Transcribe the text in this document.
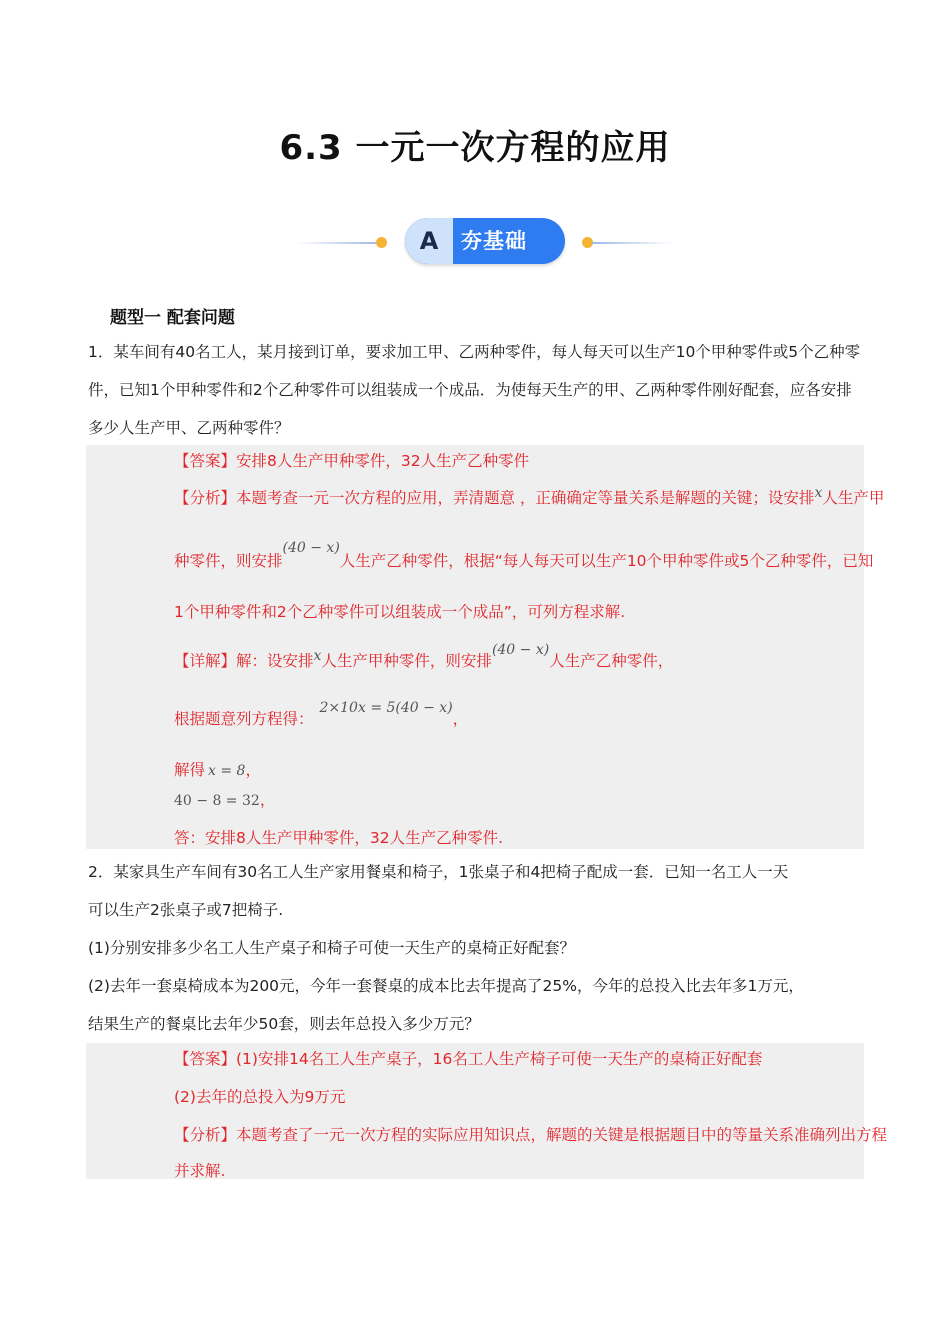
6.3 一元一次方程的应用
A	夯基础
题型一 配套问题
1．某车间有40名工人，某月接到订单，要求加工甲、乙两种零件，每人每天可以生产10个甲种零件或5个乙种零件，已知1个甲种零件和2个乙种零件可以组装成一个成品．为使每天生产的甲、乙两种零件刚好配套，应各安排多少人生产甲、乙两种零件？
【答案】安排8人生产甲种零件，32人生产乙种零件
【分析】本题考查一元一次方程的应用，弄清题意 ，正确确定等量关系是解题的关键；设安排x人生产甲
种零件，则安排(40 − x)人生产乙种零件，根据“每人每天可以生产10个甲种零件或5个乙种零件，已知
1个甲种零件和2个乙种零件可以组装成一个成品”，可列方程求解.
【详解】解：设安排x人生产甲种零件，则安排(40 − x)人生产乙种零件，
根据题意列方程得：2×10x = 5(40 − x)，
解得 x = 8，
40 − 8 = 32，
答：安排8人生产甲种零件，32人生产乙种零件.
2．某家具生产车间有30名工人生产家用餐桌和椅子，1张桌子和4把椅子配成一套．已知一名工人一天
可以生产2张桌子或7把椅子.
(1)分别安排多少名工人生产桌子和椅子可使一天生产的桌椅正好配套？
(2)去年一套桌椅成本为200元，今年一套餐桌的成本比去年提高了25%，今年的总投入比去年多1万元，
结果生产的餐桌比去年少50套，则去年总投入多少万元？
【答案】(1)安排14名工人生产桌子，16名工人生产椅子可使一天生产的桌椅正好配套
(2)去年的总投入为9万元
【分析】本题考查了一元一次方程的实际应用知识点，解题的关键是根据题目中的等量关系准确列出方程
并求解.
